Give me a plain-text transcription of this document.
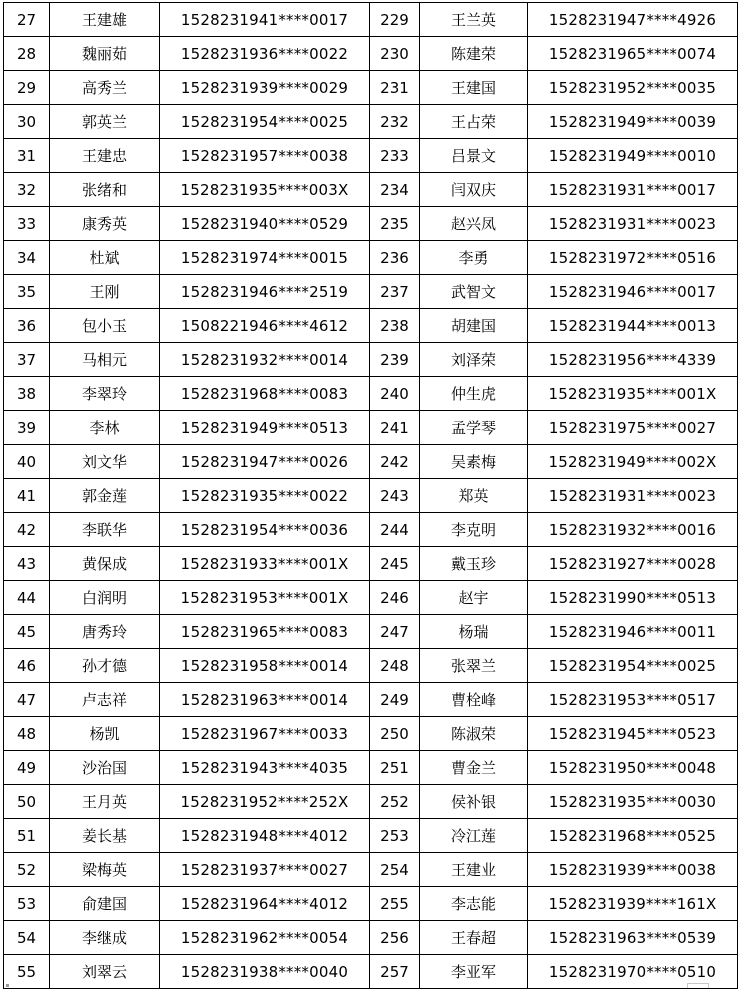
27	王建雄	1528231941****0017	229	王兰英	1528231947****4926
28	魏丽茹	1528231936****0022	230	陈建荣	1528231965****0074
29	高秀兰	1528231939****0029	231	王建国	1528231952****0035
30	郭英兰	1528231954****0025	232	王占荣	1528231949****0039
31	王建忠	1528231957****0038	233	吕景文	1528231949****0010
32	张绪和	1528231935****003X	234	闫双庆	1528231931****0017
33	康秀英	1528231940****0529	235	赵兴凤	1528231931****0023
34	杜斌	1528231974****0015	236	李勇	1528231972****0516
35	王刚	1528231946****2519	237	武智文	1528231946****0017
36	包小玉	1508221946****4612	238	胡建国	1528231944****0013
37	马相元	1528231932****0014	239	刘泽荣	1528231956****4339
38	李翠玲	1528231968****0083	240	仲生虎	1528231935****001X
39	李林	1528231949****0513	241	孟学琴	1528231975****0027
40	刘文华	1528231947****0026	242	吴素梅	1528231949****002X
41	郭金莲	1528231935****0022	243	郑英	1528231931****0023
42	李联华	1528231954****0036	244	李克明	1528231932****0016
43	黄保成	1528231933****001X	245	戴玉珍	1528231927****0028
44	白润明	1528231953****001X	246	赵宇	1528231990****0513
45	唐秀玲	1528231965****0083	247	杨瑞	1528231946****0011
46	孙才德	1528231958****0014	248	张翠兰	1528231954****0025
47	卢志祥	1528231963****0014	249	曹栓峰	1528231953****0517
48	杨凯	1528231967****0033	250	陈淑荣	1528231945****0523
49	沙治国	1528231943****4035	251	曹金兰	1528231950****0048
50	王月英	1528231952****252X	252	侯补银	1528231935****0030
51	姜长基	1528231948****4012	253	冷江莲	1528231968****0525
52	梁梅英	1528231937****0027	254	王建业	1528231939****0038
53	俞建国	1528231964****4012	255	李志能	1528231939****161X
54	李继成	1528231962****0054	256	王春超	1528231963****0539
55	刘翠云	1528231938****0040	257	李亚军	1528231970****0510
